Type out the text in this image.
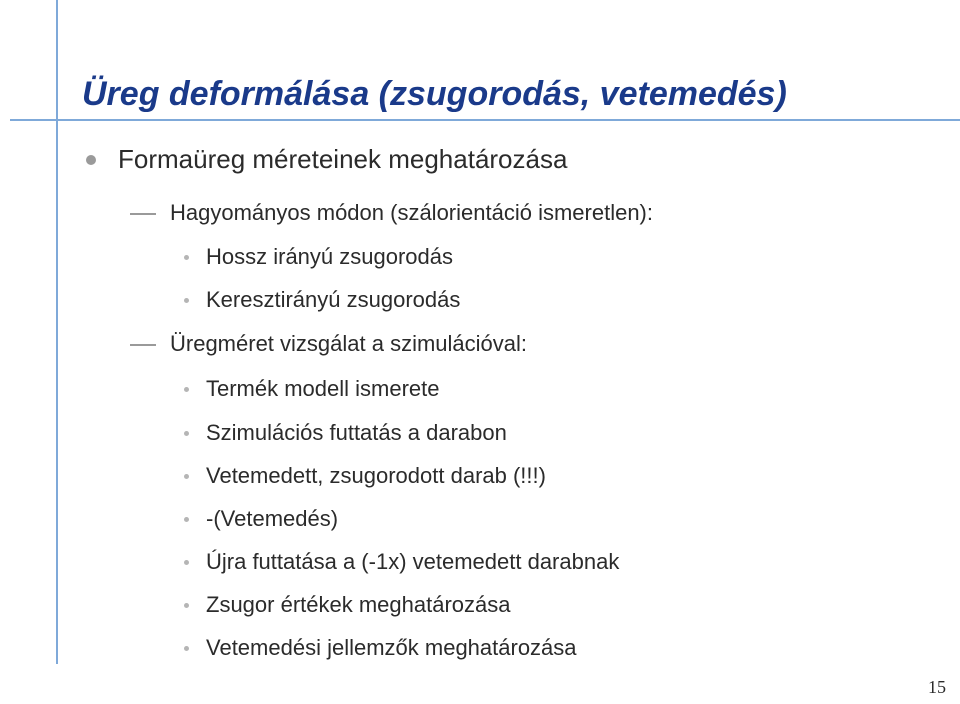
Üreg deformálása (zsugorodás, vetemedés)
Formaüreg méreteinek meghatározása
Hagyományos módon (szálorientáció ismeretlen):
Hossz irányú zsugorodás
Keresztirányú zsugorodás
Üregméret vizsgálat a szimulációval:
Termék modell ismerete
Szimulációs futtatás a darabon
Vetemedett, zsugorodott darab (!!!)
-(Vetemedés)
Újra futtatása a (-1x) vetemedett darabnak
Zsugor értékek meghatározása
Vetemedési jellemzők meghatározása
15
